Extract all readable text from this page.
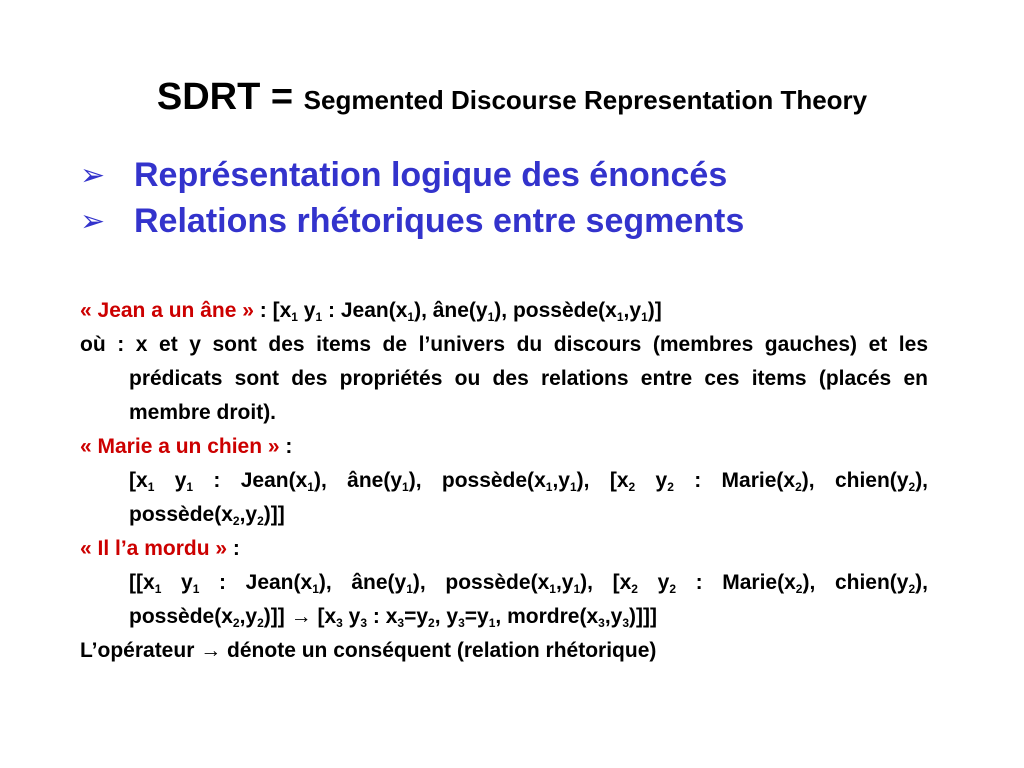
SDRT = Segmented Discourse Representation Theory
➢ Représentation logique des énoncés
➢ Relations rhétoriques entre segments

« Jean a un âne » : [$x_1$ $y_1$ : $Jean(x_1)$, $âne(y_1)$, $possède(x_1,y_1)$]

où : x et y sont des items de l’univers du discours (membres gauches) et les prédicats sont des propriétés ou des relations entre ces items (placés en membre droit).

« Marie a un chien » :

[$x_1$ $y_1$ : $Jean(x_1)$, $âne(y_1)$, $possède(x_1,y_1)$, [$x_2$ $y_2$ : $Marie(x_2)$, $chien(y_2)$, $possède(x_2,y_2)$]]

« Il l’a mordu » :

[[$x_1$ $y_1$ : $Jean(x_1)$, $âne(y_1)$, $possède(x_1,y_1)$, [$x_2$ $y_2$ : $Marie(x_2)$, $chien(y_2)$, $possède(x_2,y_2)]] \to [x_3$ $y_3$ : $x_3=y_2$, $y_3=y_1$, $mordre(x_3,y_3)$]]]

L’opérateur → dénote un conséquent (relation rhétorique)
